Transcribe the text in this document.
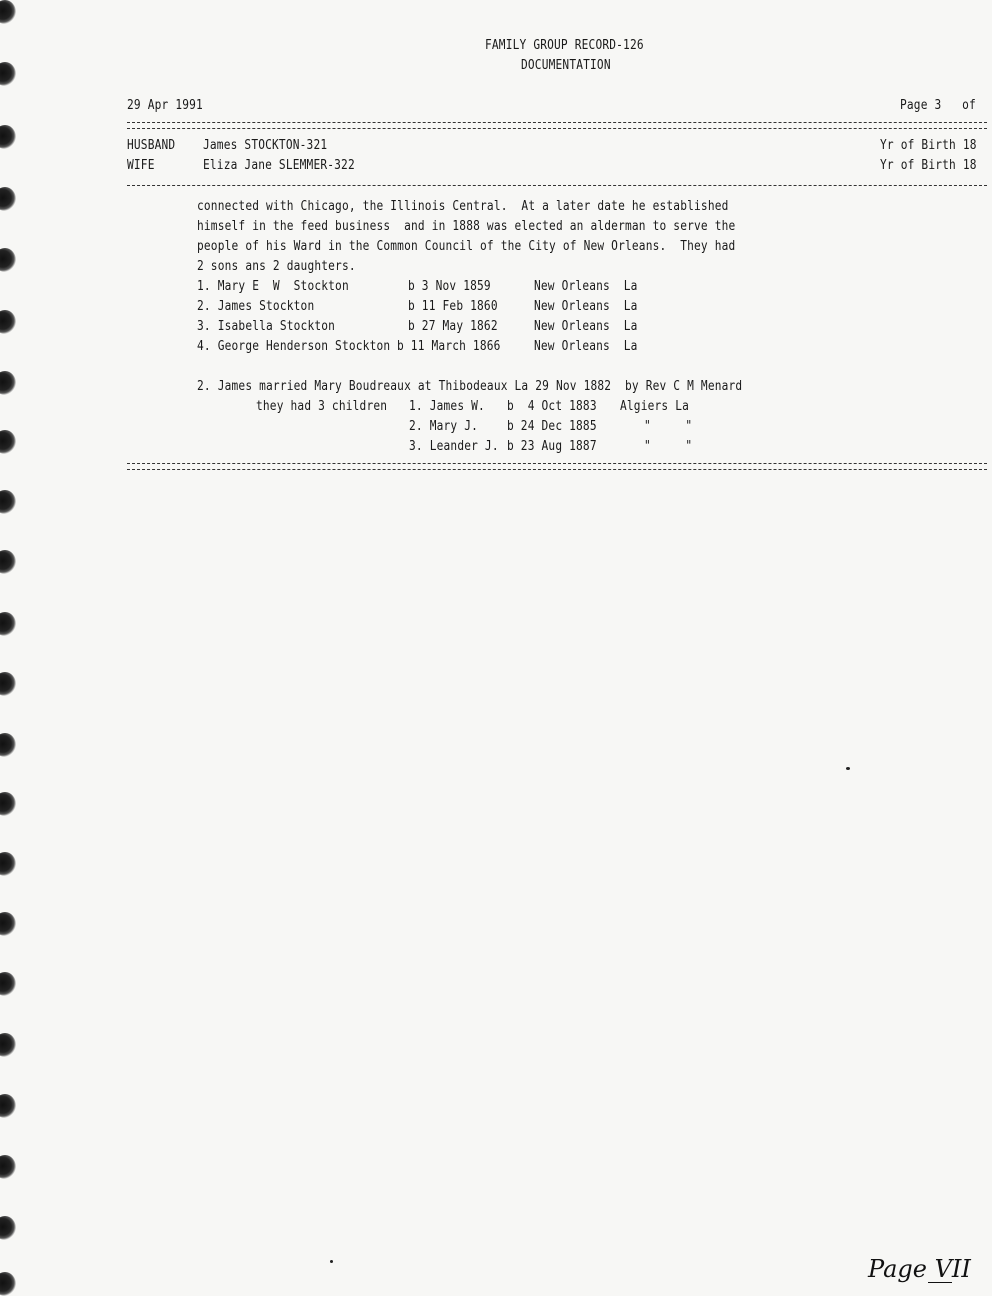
FAMILY GROUP RECORD-126
DOCUMENTATION
29 Apr 1991	Page 3   of
HUSBAND James STOCKTON-321	Yr of Birth 18
WIFE	Eliza Jane SLEMMER-322	Yr of Birth 18
connected with Chicago, the Illinois Central.  At a later date he established
himself in the feed business  and in 1888 was elected an alderman to serve the
people of his Ward in the Common Council of the City of New Orleans.  They had
2 sons ans 2 daughters.
1. Mary E  W  Stockton	b 3 Nov 1859	New Orleans  La
2. James Stockton	b 11 Feb 1860	New Orleans  La
3. Isabella Stockton	b 27 May 1862	New Orleans  La
4. George Henderson Stockton b 11 March 1866	New Orleans  La
2. James married Mary Boudreaux at Thibodeaux La 29 Nov 1882  by Rev C M Menard
they had 3 children 1. James W. b  4 Oct 1883 Algiers La
2. Mary J. b 24 Dec 1885	"     "
3. Leander J. b 23 Aug 1887	"     "
Page VII
